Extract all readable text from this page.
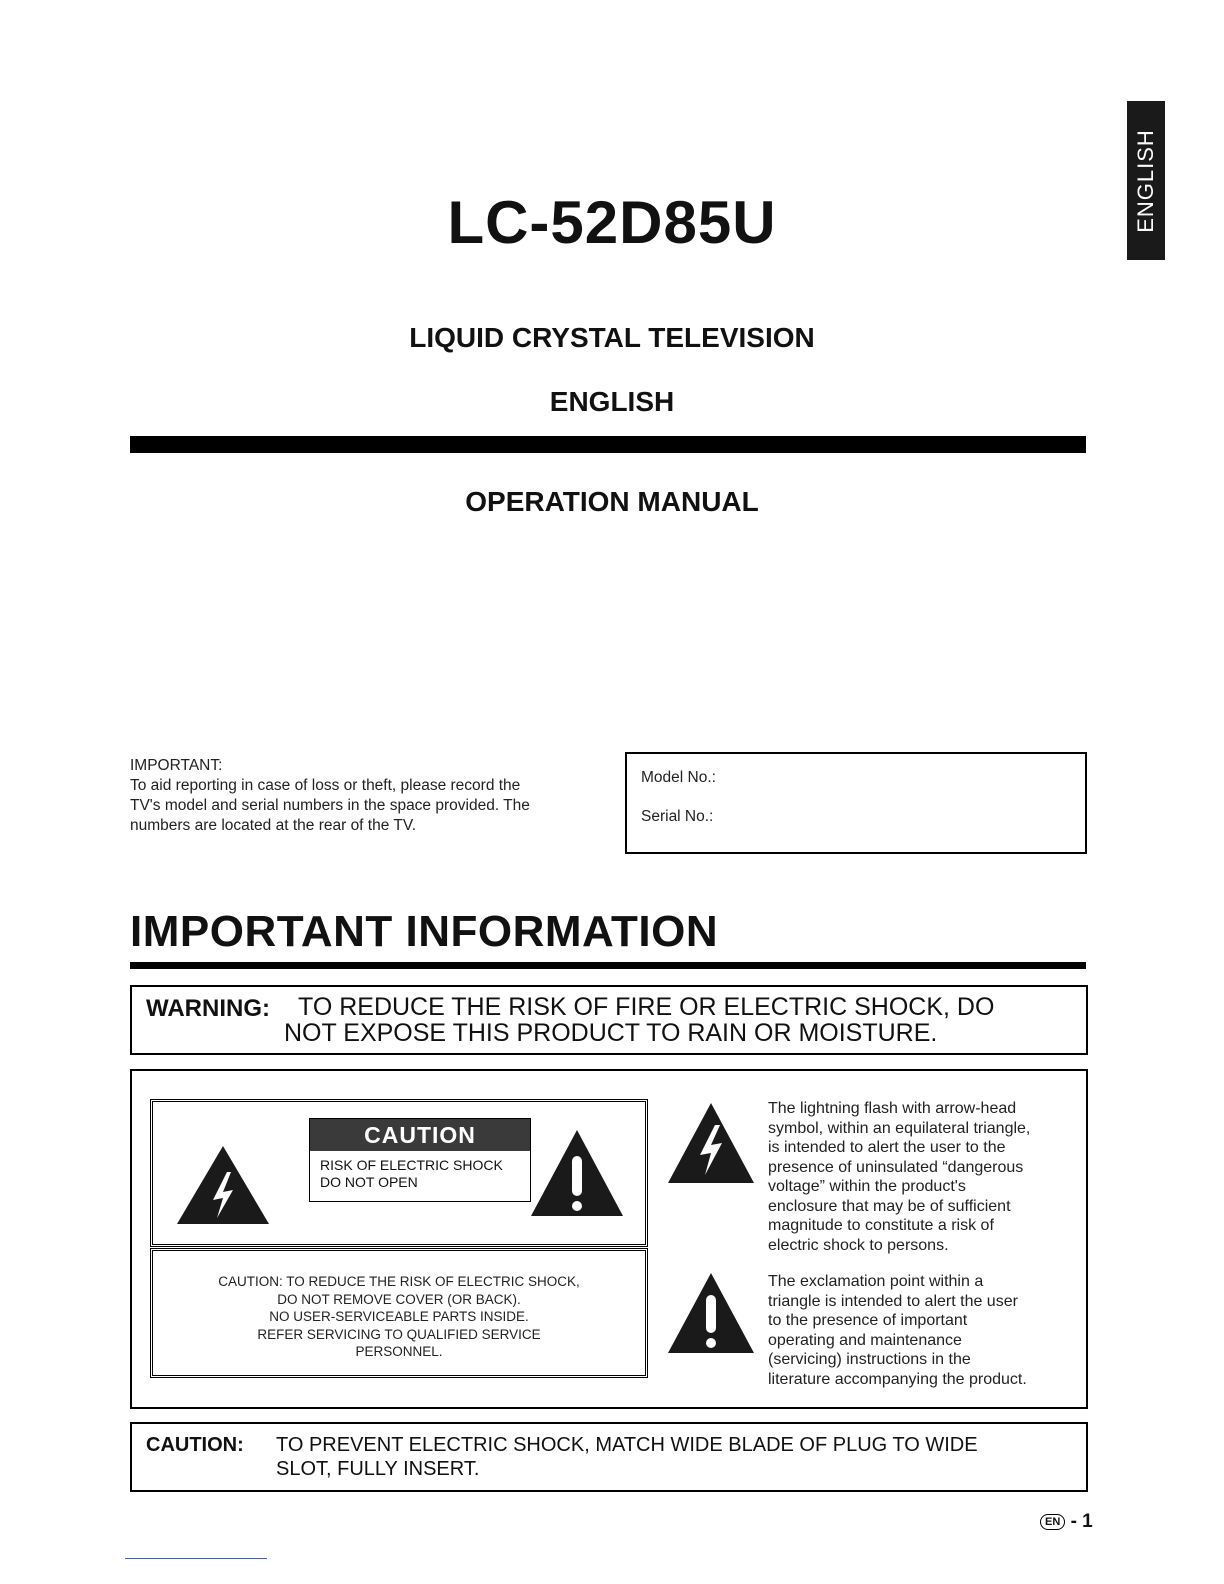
ENGLISH
LC-52D85U
LIQUID CRYSTAL TELEVISION
ENGLISH
OPERATION MANUAL
IMPORTANT:
To aid reporting in case of loss or theft, please record the
TV's model and serial numbers in the space provided. The
numbers are located at the rear of the TV.
Model No.:
Serial No.:
IMPORTANT INFORMATION
WARNING: TO REDUCE THE RISK OF FIRE OR ELECTRIC SHOCK, DO
NOT EXPOSE THIS PRODUCT TO RAIN OR MOISTURE.
CAUTION
RISK OF ELECTRIC SHOCK
DO NOT OPEN
CAUTION: TO REDUCE THE RISK OF ELECTRIC SHOCK,
DO NOT REMOVE COVER (OR BACK).
NO USER-SERVICEABLE PARTS INSIDE.
REFER SERVICING TO QUALIFIED SERVICE
PERSONNEL.
The lightning flash with arrow-head
symbol, within an equilateral triangle,
is intended to alert the user to the
presence of uninsulated “dangerous
voltage” within the product's
enclosure that may be of sufficient
magnitude to constitute a risk of
electric shock to persons.
The exclamation point within a
triangle is intended to alert the user
to the presence of important
operating and maintenance
(servicing) instructions in the
literature accompanying the product.
CAUTION: TO PREVENT ELECTRIC SHOCK, MATCH WIDE BLADE OF PLUG TO WIDE
SLOT, FULLY INSERT.
EN - 1
